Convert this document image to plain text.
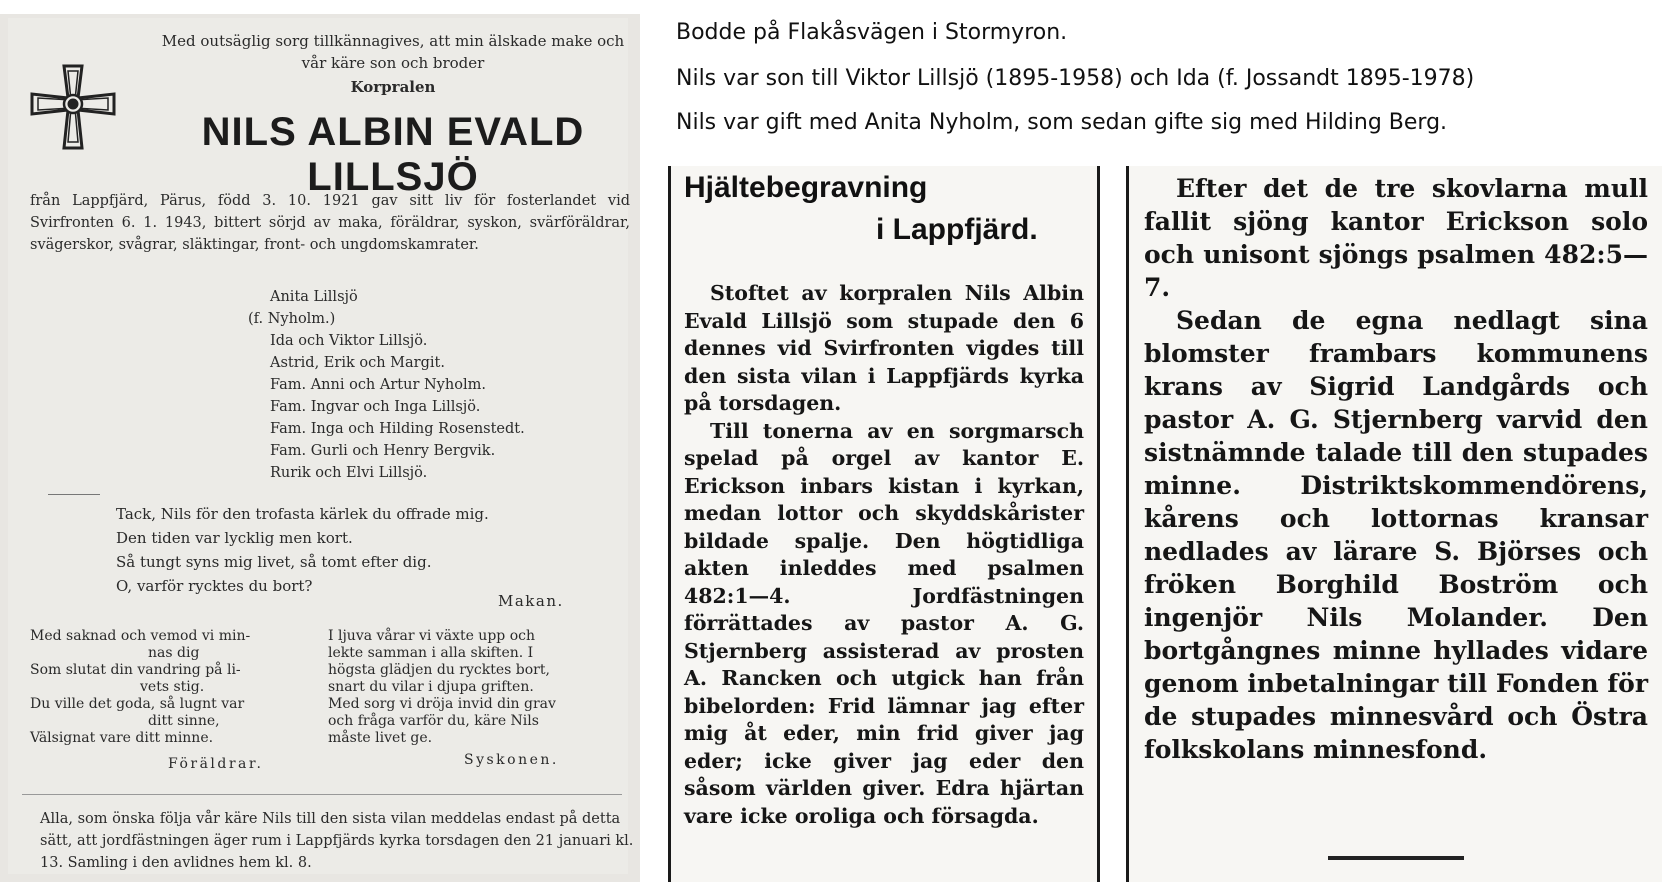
Med outsäglig sorg tillkännagives, att min älskade make och vår käre son och broder
Korpralen
NILS ALBIN EVALD LILLSJÖ
från Lappfjärd, Pärus, född 3. 10. 1921 gav sitt liv för fosterlandet vid Svirfronten 6. 1. 1943, bittert sörjd av maka, föräldrar, syskon, svärföräldrar, svägerskor, svågrar, släktingar, front- och ungdomskamrater.
Anita Lillsjö
(f. Nyholm.)
Ida och Viktor Lillsjö.
Astrid, Erik och Margit.
Fam. Anni och Artur Nyholm.
Fam. Ingvar och Inga Lillsjö.
Fam. Inga och Hilding Rosenstedt.
Fam. Gurli och Henry Bergvik.
Rurik och Elvi Lillsjö.
Tack, Nils för den trofasta kärlek du offrade mig.
Den tiden var lycklig men kort.
Så tungt syns mig livet, så tomt efter dig.
O, varför rycktes du bort?
Makan.
Med saknad och vemod vi min-
nas dig
Som slutat din vandring på li-
vets stig.
Du ville det goda, så lugnt var
ditt sinne,
Välsignat vare ditt minne.
Föräldrar.
I ljuva vårar vi växte upp och
lekte samman i alla skiften. I
högsta glädjen du rycktes bort,
snart du vilar i djupa griften.
Med sorg vi dröja invid din grav
och fråga varför du, käre Nils
måste livet ge.
Syskonen.
Alla, som önska följa vår käre Nils till den sista vilan meddelas endast på detta sätt, att jordfästningen äger rum i Lappfjärds kyrka torsdagen den 21 januari kl. 13. Samling i den avlidnes hem kl. 8.
Bodde på Flakåsvägen i Stormyron.
Nils var son till Viktor Lillsjö (1895-1958) och Ida (f. Jossandt 1895-1978)
Nils var gift med Anita Nyholm, som sedan gifte sig med Hilding Berg.
Hjältebegravning
i Lappfjärd.

Stoftet av korpralen Nils Albin Evald Lillsjö som stupade den 6 dennes vid Svirfronten vigdes till den sista vilan i Lappfjärds kyrka på torsdagen.

Till tonerna av en sorgmarsch spelad på orgel av kantor E. Erickson inbars kistan i kyrkan, medan lottor och skyddskårister bildade spalje. Den högtidliga akten inleddes med psalmen 482:1—4. Jordfästningen förrättades av pastor A. G. Stjernberg assisterad av prosten A. Rancken och utgick han från bibelorden: Frid lämnar jag efter mig åt eder, min frid giver jag eder; icke giver jag eder den såsom världen giver. Edra hjärtan vare icke oroliga och försagda.

Efter det de tre skovlarna mull fallit sjöng kantor Erickson solo och unisont sjöngs psalmen 482:5—7.

Sedan de egna nedlagt sina blomster frambars kommunens krans av Sigrid Landgårds och pastor A. G. Stjernberg varvid den sistnämnde talade till den stupades minne. Distriktskommendörens, kårens och lottornas kransar nedlades av lärare S. Björses och fröken Borghild Boström och ingenjör Nils Molander. Den bortgångnes minne hyllades vidare genom inbetalningar till Fonden för de stupades minnesvård och Östra folkskolans minnesfond.
